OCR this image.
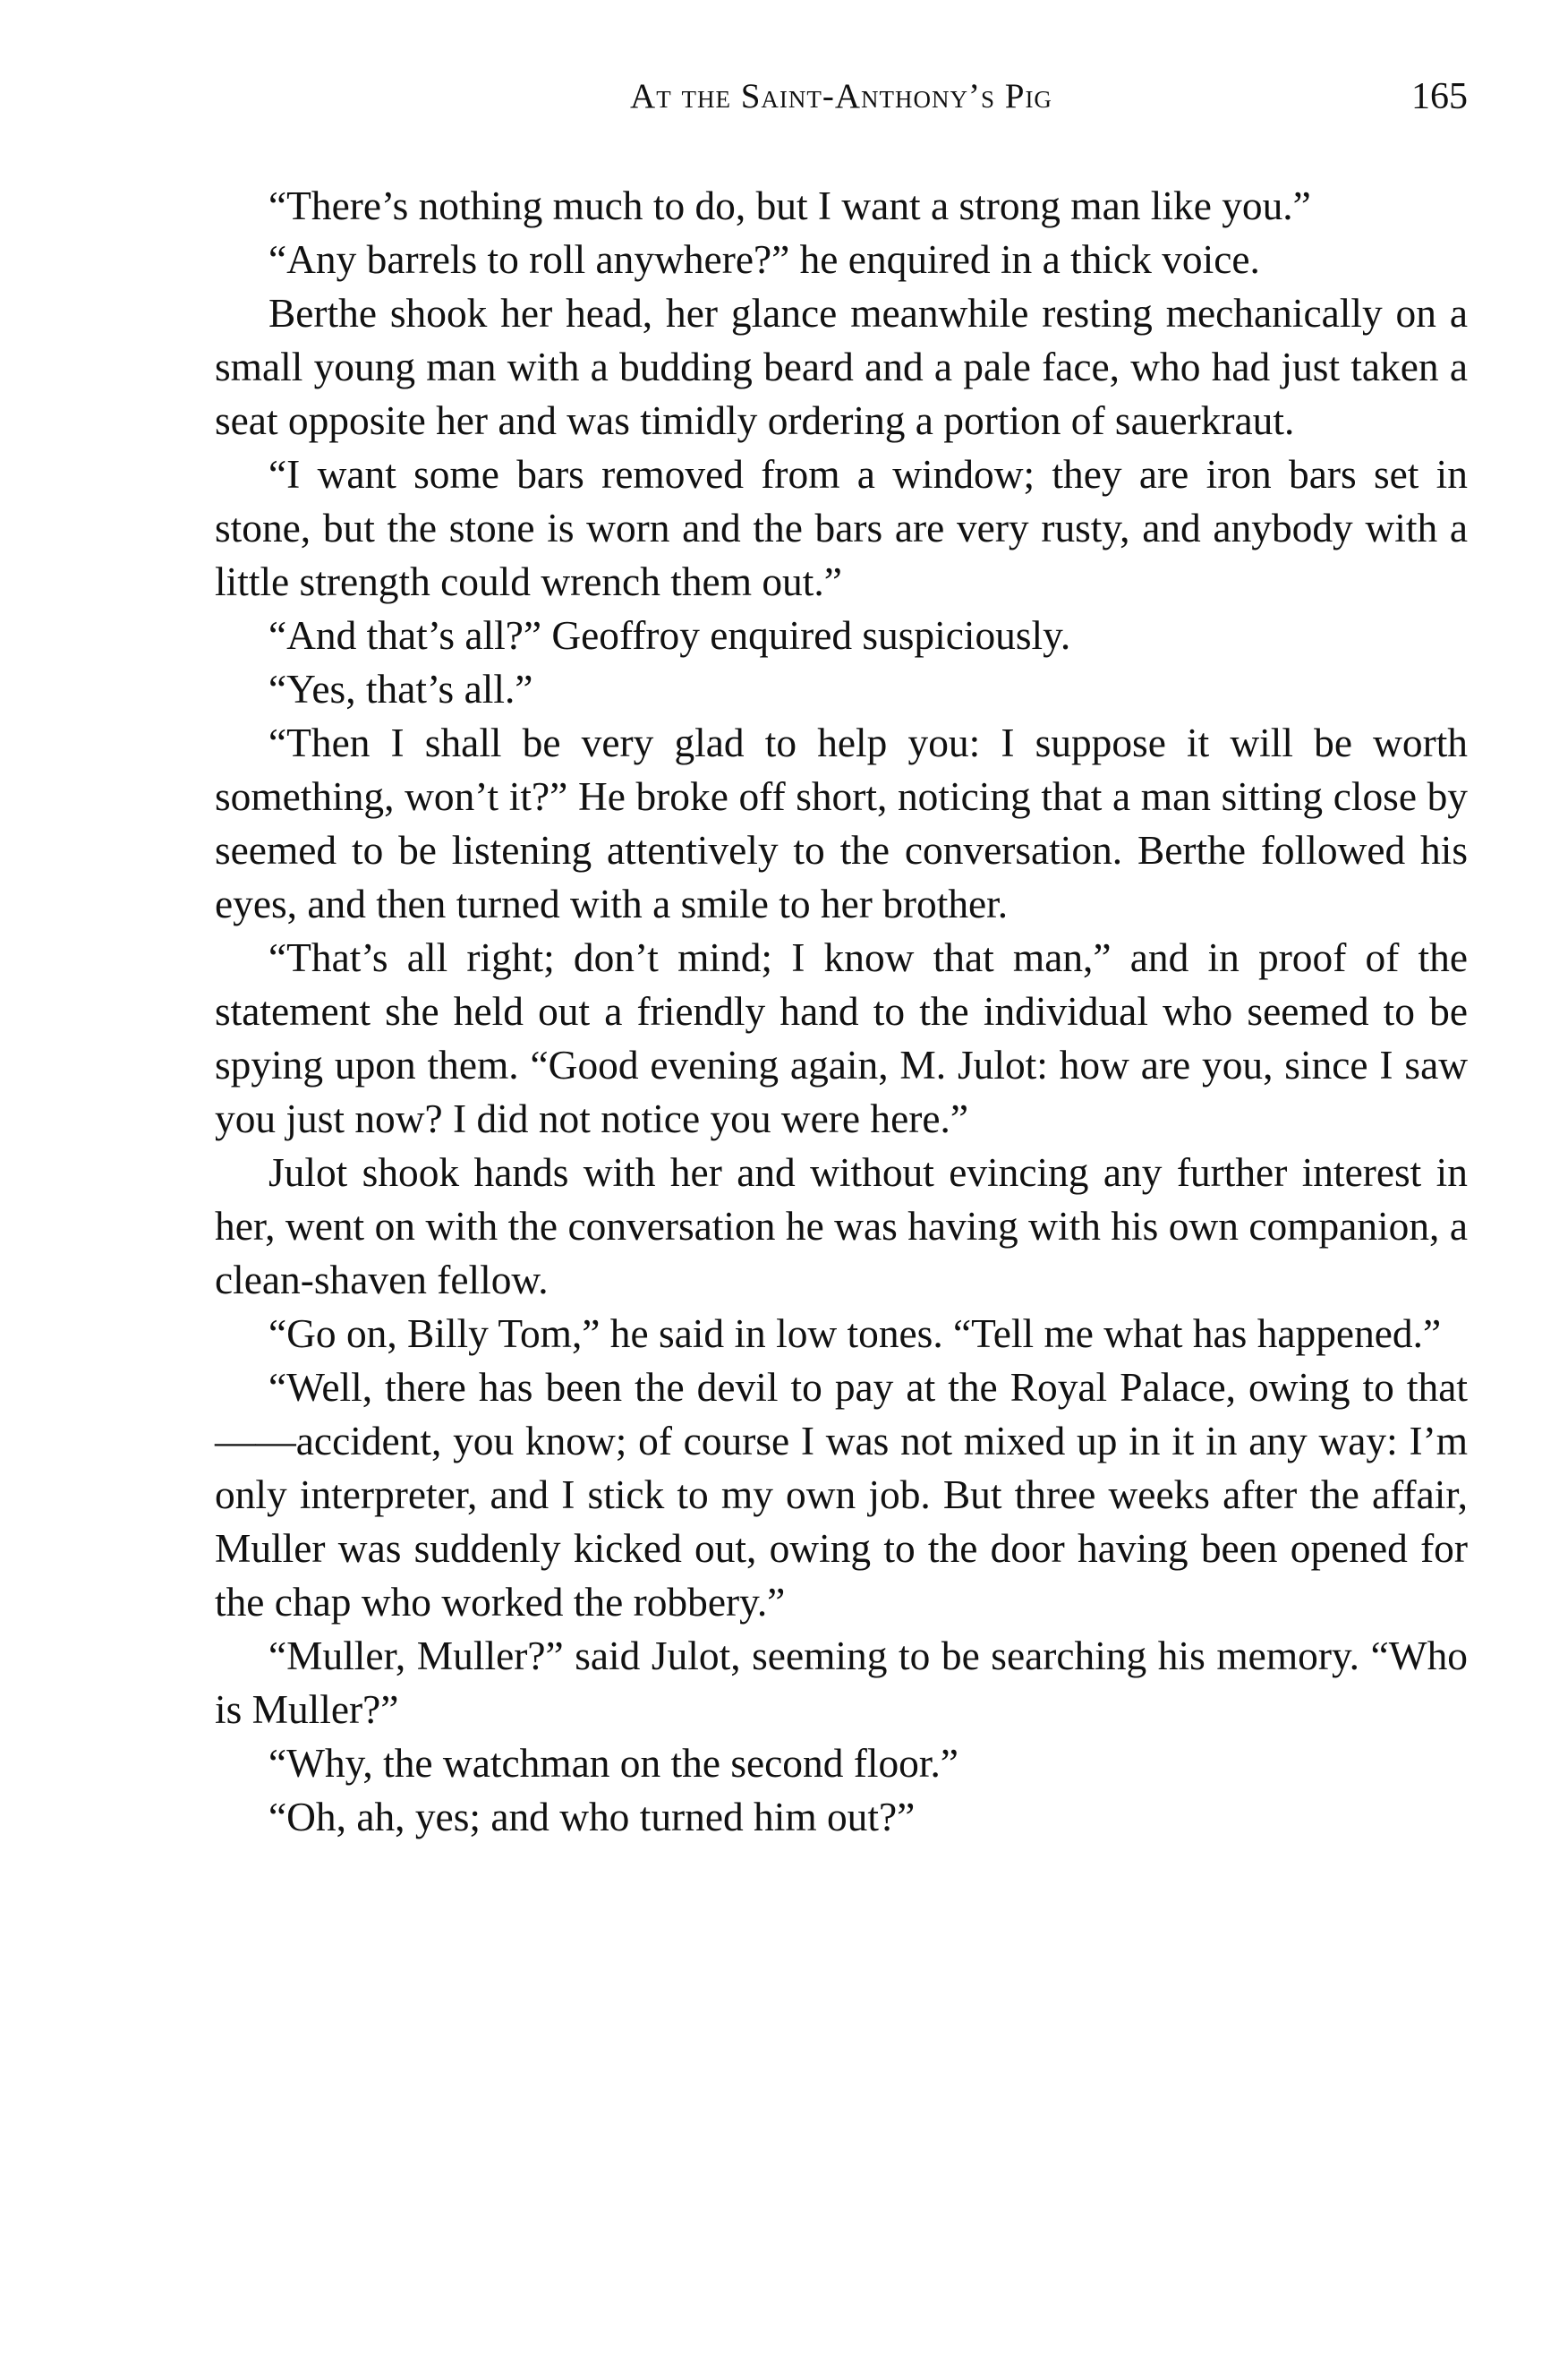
At the Saint-Anthony’s Pig	165

“There’s nothing much to do, but I want a strong man like you.”

“Any barrels to roll anywhere?” he enquired in a thick voice.

Berthe shook her head, her glance meanwhile resting mechanically on a small young man with a budding beard and a pale face, who had just taken a seat opposite her and was timidly ordering a portion of sauerkraut.

“I want some bars removed from a window; they are iron bars set in stone, but the stone is worn and the bars are very rusty, and anybody with a little strength could wrench them out.”

“And that’s all?” Geoffroy enquired suspiciously.

“Yes, that’s all.”

“Then I shall be very glad to help you: I suppose it will be worth something, won’t it?” He broke off short, noticing that a man sitting close by seemed to be listening attentively to the conversation. Berthe followed his eyes, and then turned with a smile to her brother.

“That’s all right; don’t mind; I know that man,” and in proof of the statement she held out a friendly hand to the individual who seemed to be spying upon them. “Good evening again, M. Julot: how are you, since I saw you just now? I did not notice you were here.”

Julot shook hands with her and without evincing any further interest in her, went on with the conversation he was having with his own companion, a clean-shaven fellow.

“Go on, Billy Tom,” he said in low tones. “Tell me what has happened.”

“Well, there has been the devil to pay at the Royal Palace, owing to that——accident, you know; of course I was not mixed up in it in any way: I’m only interpreter, and I stick to my own job. But three weeks after the affair, Muller was suddenly kicked out, owing to the door having been opened for the chap who worked the robbery.”

“Muller, Muller?” said Julot, seeming to be searching his memory. “Who is Muller?”

“Why, the watchman on the second floor.”

“Oh, ah, yes; and who turned him out?”
